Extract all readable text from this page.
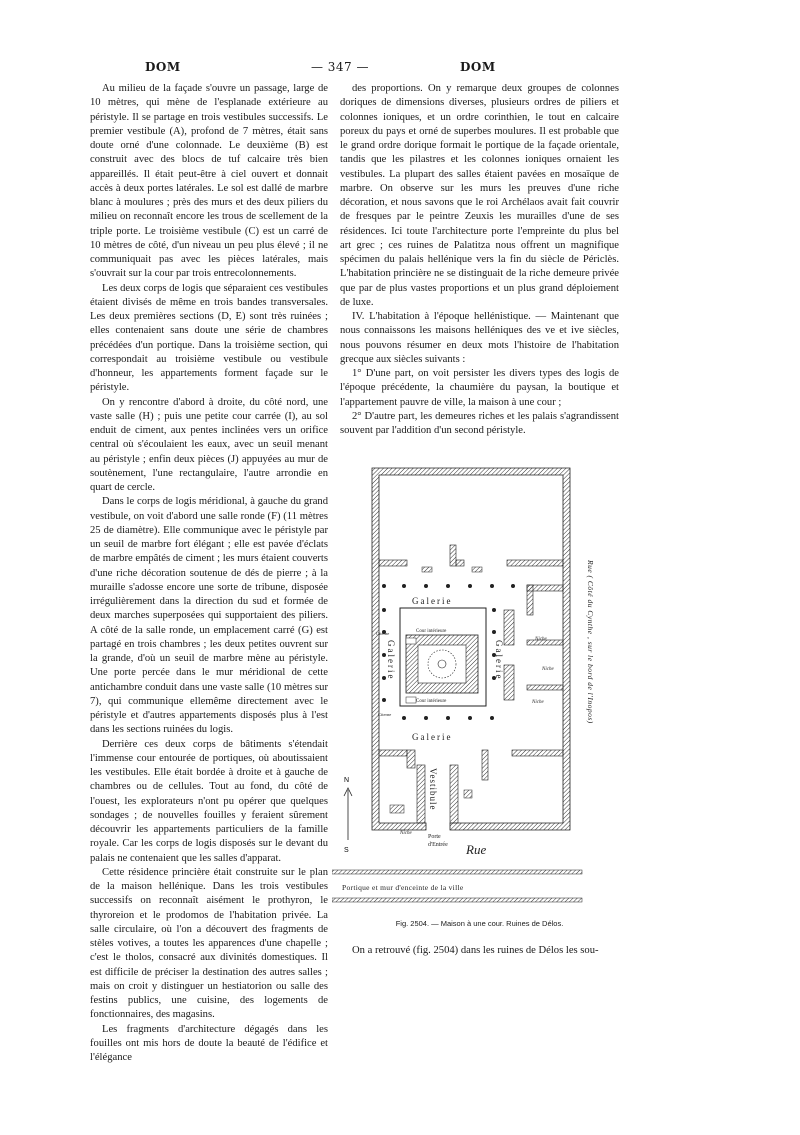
DOM	— 347 —	DOM

Au milieu de la façade s'ouvre un passage, large de 10 mètres, qui mène de l'esplanade extérieure au péristyle. Il se partage en trois vestibules successifs. Le premier vestibule (A), profond de 7 mètres, était sans doute orné d'une colonnade. Le deuxième (B) est construit avec des blocs de tuf calcaire très bien appareillés. Il était peut-être à ciel ouvert et donnait accès à deux portes latérales. Le sol est dallé de marbre blanc à moulures ; près des murs et des deux piliers du milieu on reconnaît encore les trous de scellement de la triple porte. Le troisième vestibule (C) est un carré de 10 mètres de côté, d'un niveau un peu plus élevé ; il ne communiquait pas avec les pièces latérales, mais s'ouvrait sur la cour par trois entrecolonnements.

Les deux corps de logis que séparaient ces vestibules étaient divisés de même en trois bandes transversales. Les deux premières sections (D, E) sont très ruinées ; elles contenaient sans doute une série de chambres précédées d'un portique. Dans la troisième section, qui correspondait au troisième vestibule ou vestibule d'honneur, les appartements forment façade sur le péristyle.

On y rencontre d'abord à droite, du côté nord, une vaste salle (H) ; puis une petite cour carrée (I), au sol enduit de ciment, aux pentes inclinées vers un orifice central où s'écoulaient les eaux, avec un seuil menant au péristyle ; enfin deux pièces (J) appuyées au mur de soutènement, l'une rectangulaire, l'autre arrondie en quart de cercle.

Dans le corps de logis méridional, à gauche du grand vestibule, on voit d'abord une salle ronde (F) (11 mètres 25 de diamètre). Elle communique avec le péristyle par un seuil de marbre fort élégant ; elle est pavée d'éclats de marbre empâtés de ciment ; les murs étaient couverts d'une riche décoration soutenue de dés de pierre ; à la muraille s'adosse encore une sorte de tribune, disposée irrégulièrement dans la direction du sud et formée de deux marches superposées qui supportaient des piliers. A côté de la salle ronde, un emplacement carré (G) est partagé en trois chambres ; les deux petites ouvrent sur la grande, d'où un seuil de marbre mène au péristyle. Une porte percée dans le mur méridional de cette antichambre conduit dans une vaste salle (10 mètres sur 7), qui communique ellemême directement avec le péristyle et d'autres appartements disposés plus à l'est dans les sections ruinées du logis.

Derrière ces deux corps de bâtiments s'étendait l'immense cour entourée de portiques, où aboutissaient les vestibules. Elle était bordée à droite et à gauche de chambres ou de cellules. Tout au fond, du côté de l'ouest, les explorateurs n'ont pu opérer que quelques sondages ; de nouvelles fouilles y feraient sûrement découvrir les appartements particuliers de la famille royale. Car les corps de logis disposés sur le devant du palais ne contenaient que les salles d'apparat.

Cette résidence princière était construite sur le plan de la maison hellénique. Dans les trois vestibules successifs on reconnaît aisément le prothyron, le thyroreion et le prodomos de l'habitation privée. La salle circulaire, où l'on a découvert des fragments de stèles votives, a toutes les apparences d'une chapelle ; c'est le tholos, consacré aux divinités domestiques. Il est difficile de préciser la destination des autres salles ; mais on croit y distinguer un hestiatorion ou salle des festins publics, une cuisine, des logements de fonctionnaires, des magasins.

Les fragments d'architecture dégagés dans les fouilles ont mis hors de doute la beauté de l'édifice et l'élégance

des proportions. On y remarque deux groupes de colonnes doriques de dimensions diverses, plusieurs ordres de piliers et colonnes ioniques, et un ordre corinthien, le tout en calcaire poreux du pays et orné de superbes moulures. Il est probable que le grand ordre dorique formait le portique de la façade orientale, tandis que les pilastres et les colonnes ioniques ornaient les vestibules. La plupart des salles étaient pavées en mosaïque de marbre. On observe sur les murs les preuves d'une riche décoration, et nous savons que le roi Archélaos avait fait couvrir de fresques par le peintre Zeuxis les murailles d'une de ses résidences. Ici toute l'architecture porte l'empreinte du plus bel art grec ; ces ruines de Palatitza nous offrent un magnifique spécimen du palais hellénique vers la fin du siècle de Périclès. L'habitation princière ne se distinguait de la riche demeure privée que par de plus vastes proportions et un plus grand déploiement de luxe.

IV. L'habitation à l'époque hellénistique. — Maintenant que nous connaissons les maisons helléniques des ve et ive siècles, nous pouvons résumer en deux mots l'histoire de l'habitation grecque aux siècles suivants :

1° D'une part, on voit persister les divers types des logis de l'époque précédente, la chaumière du paysan, la boutique et l'appartement pauvre de ville, la maison à une cour ;

2° D'autre part, les demeures riches et les palais s'agrandissent souvent par l'addition d'un second péristyle.

N
S
Galerie
Galerie
Galerie	Galerie
Cour intérieure
Cour intérieure
Citerne
Citerne
Niche
Niche
Niche
Niche
Vestibule
Porte
d'Entrée Rue
Rue ( Côté du Cynthe , sur le bord de l'Inopos)
Portique et mur d'enceinte de la ville
Fig. 2504. — Maison à une cour. Ruines de Délos.
On a retrouvé (fig. 2504) dans les ruines de Délos les sou-
